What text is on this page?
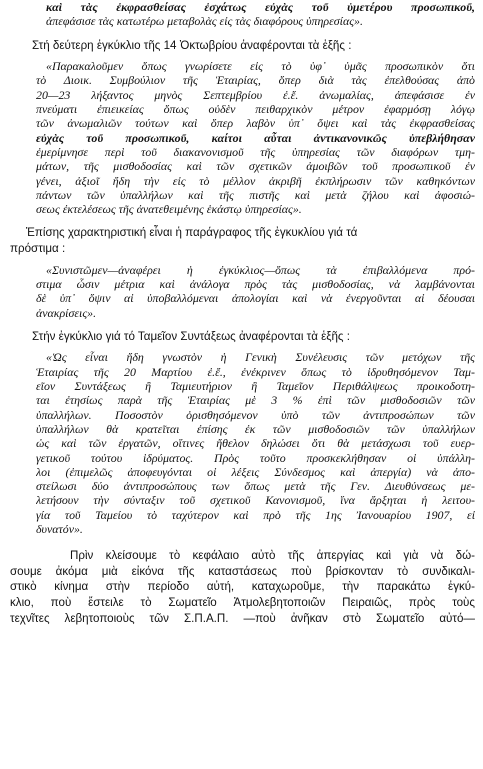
καὶ τὰς ἐκφρασθείσας ἐσχάτως εὐχὰς τοῦ ὑμετέρου προσωπικοῦ,
ἀπεφάσισε τὰς κατωτέρω μεταβολὰς εἰς τὰς διαφόρους ὑπηρεσίας».
Στή δεύτερη ἐγκύκλιο τῆς 14 Ὀκτωβρίου ἀναφέρονται τὰ ἑξῆς :
«Παρακαλοῦμεν ὅπως γνωρίσετε εἰς τὸ ὑφ᾽ ὑμᾶς προσωπικὸν ὅτι
τὸ Διοικ. Συμβούλιον τῆς Ἑταιρίας, ὅπερ διὰ τὰς ἐπελθούσας ἀπὸ
20—23 λήξαντος μηνὸς Σεπτεμβρίου ἐ.ἔ. ἀνωμαλίας, ἀπεφάσισε ἐν
πνεύματι ἐπιεικείας ὅπως οὐδὲν πειθαρχικὸν μέτρον ἐφαρμόσῃ λόγῳ
τῶν ἀνωμαλιῶν τούτων καὶ ὅπερ λαβὸν ὑπ᾽ ὄψει καὶ τὰς ἐκφρασθείσας
εὐχὰς τοῦ προσωπικοῦ, καίτοι αὗται ἀντικανονικῶς ὑπεβλήθησαν
ἐμερίμνησε περὶ τοῦ διακανονισμοῦ τῆς ὑπηρεσίας τῶν διαφόρων τμη-
μάτων, τῆς μισθοδοσίας καὶ τῶν σχετικῶν ἀμοιβῶν τοῦ προσωπικοῦ ἐν
γένει, ἀξιοῖ ἤδη τὴν εἰς τὸ μέλλον ἀκριβῆ ἐκπλήρωσιν τῶν καθηκόντων
πάντων τῶν ὑπαλλήλων καὶ τῆς πιστῆς καὶ μετὰ ζήλου καὶ ἀφοσιώ-
σεως ἐκτελέσεως τῆς ἀνατεθειμένης ἑκάστῳ ὑπηρεσίας».
Ἐπίσης χαρακτηριστική εἶναι ἡ παράγραφος τῆς ἐγκυκλίου γιά τά
πρόστιμα :
«Συνιστῶμεν—ἀναφέρει ἡ ἐγκύκλιος—ὅπως τὰ ἐπιβαλλόμενα πρό-
στιμα ὦσιν μέτρια καὶ ἀνάλογα πρὸς τὰς μισθοδοσίας, νὰ λαμβάνονται
δὲ ὑπ᾽ ὄψιν αἱ ὑποβαλλόμεναι ἀπολογίαι καὶ νὰ ἐνεργοῦνται αἱ δέουσαι
ἀνακρίσεις».
Στήν ἐγκύκλιο γιά τό Ταμεῖον Συντάξεως ἀναφέρονται τὰ ἑξῆς :
«Ὡς εἶναι ἤδη γνωστὸν ἡ Γενικὴ Συνέλευσις τῶν μετόχων τῆς
Ἑταιρίας τῆς 20 Μαρτίου ἐ.ἔ., ἐνέκρινεν ὅπως τὸ ἱδρυθησόμενον Ταμ-
εῖον Συντάξεως ἢ Ταμιευτήριον ἢ Ταμεῖον Περιθάλψεως προικοδοτη-
ται ἐτησίως παρὰ τῆς Ἑταιρίας μὲ 3 % ἐπὶ τῶν μισθοδοσιῶν τῶν
ὑπαλλήλων. Ποσοστὸν ὁρισθησόμενον ὑπὸ τῶν ἀντιπροσώπων τῶν
ὑπαλλήλων θὰ κρατεῖται ἐπίσης ἐκ τῶν μισθοδοσιῶν τῶν ὑπαλλήλων
ὡς καὶ τῶν ἐργατῶν, οἵτινες ἤθελον δηλώσει ὅτι θὰ μετάσχωσι τοῦ ευερ-
γετικοῦ τούτου ἱδρύματος. Πρὸς τοῦτο προσκεκλήθησαν οἱ ὑπάλλη-
λοι (ἐπιμελῶς ἀποφευγόνται οἱ λέξεις Σύνδεσμος καὶ ἀπεργία) νὰ ἀπο-
στείλωσι δύο ἀντιπροσώπους των ὅπως μετὰ τῆς Γεν. Διευθύνσεως με-
λετήσουν τὴν σύνταξιν τοῦ σχετικοῦ Κανονισμοῦ, ἵνα ἄρξηται ἡ λειτου-
γία τοῦ Ταμείου τὸ ταχύτερον καὶ πρὸ τῆς 1ης Ἰανουαρίου 1907, εἰ
δυνατόν».
Πρὶν κλείσουμε τὸ κεφάλαιο αὐτὸ τῆς ἀπεργίας καὶ γιὰ νὰ δώ-
σουμε ἀκόμα μιὰ εἰκόνα τῆς καταστάσεως ποὺ βρίσκονταν τὸ συνδικαλι-
στικὸ κίνημα στὴν περίοδο αὐτή, καταχωροῦμε, τὴν παρακάτω ἐγκύ-
κλιο, ποὺ ἔστειλε τὸ Σωματεῖο Ἀτμολεβητοποιῶν Πειραιῶς, πρὸς τοὺς
τεχνῖτες λεβητοποιοὺς τῶν Σ.Π.Α.Π. —ποὺ ἀνῆκαν στὸ Σωματεῖο αὐτό—
